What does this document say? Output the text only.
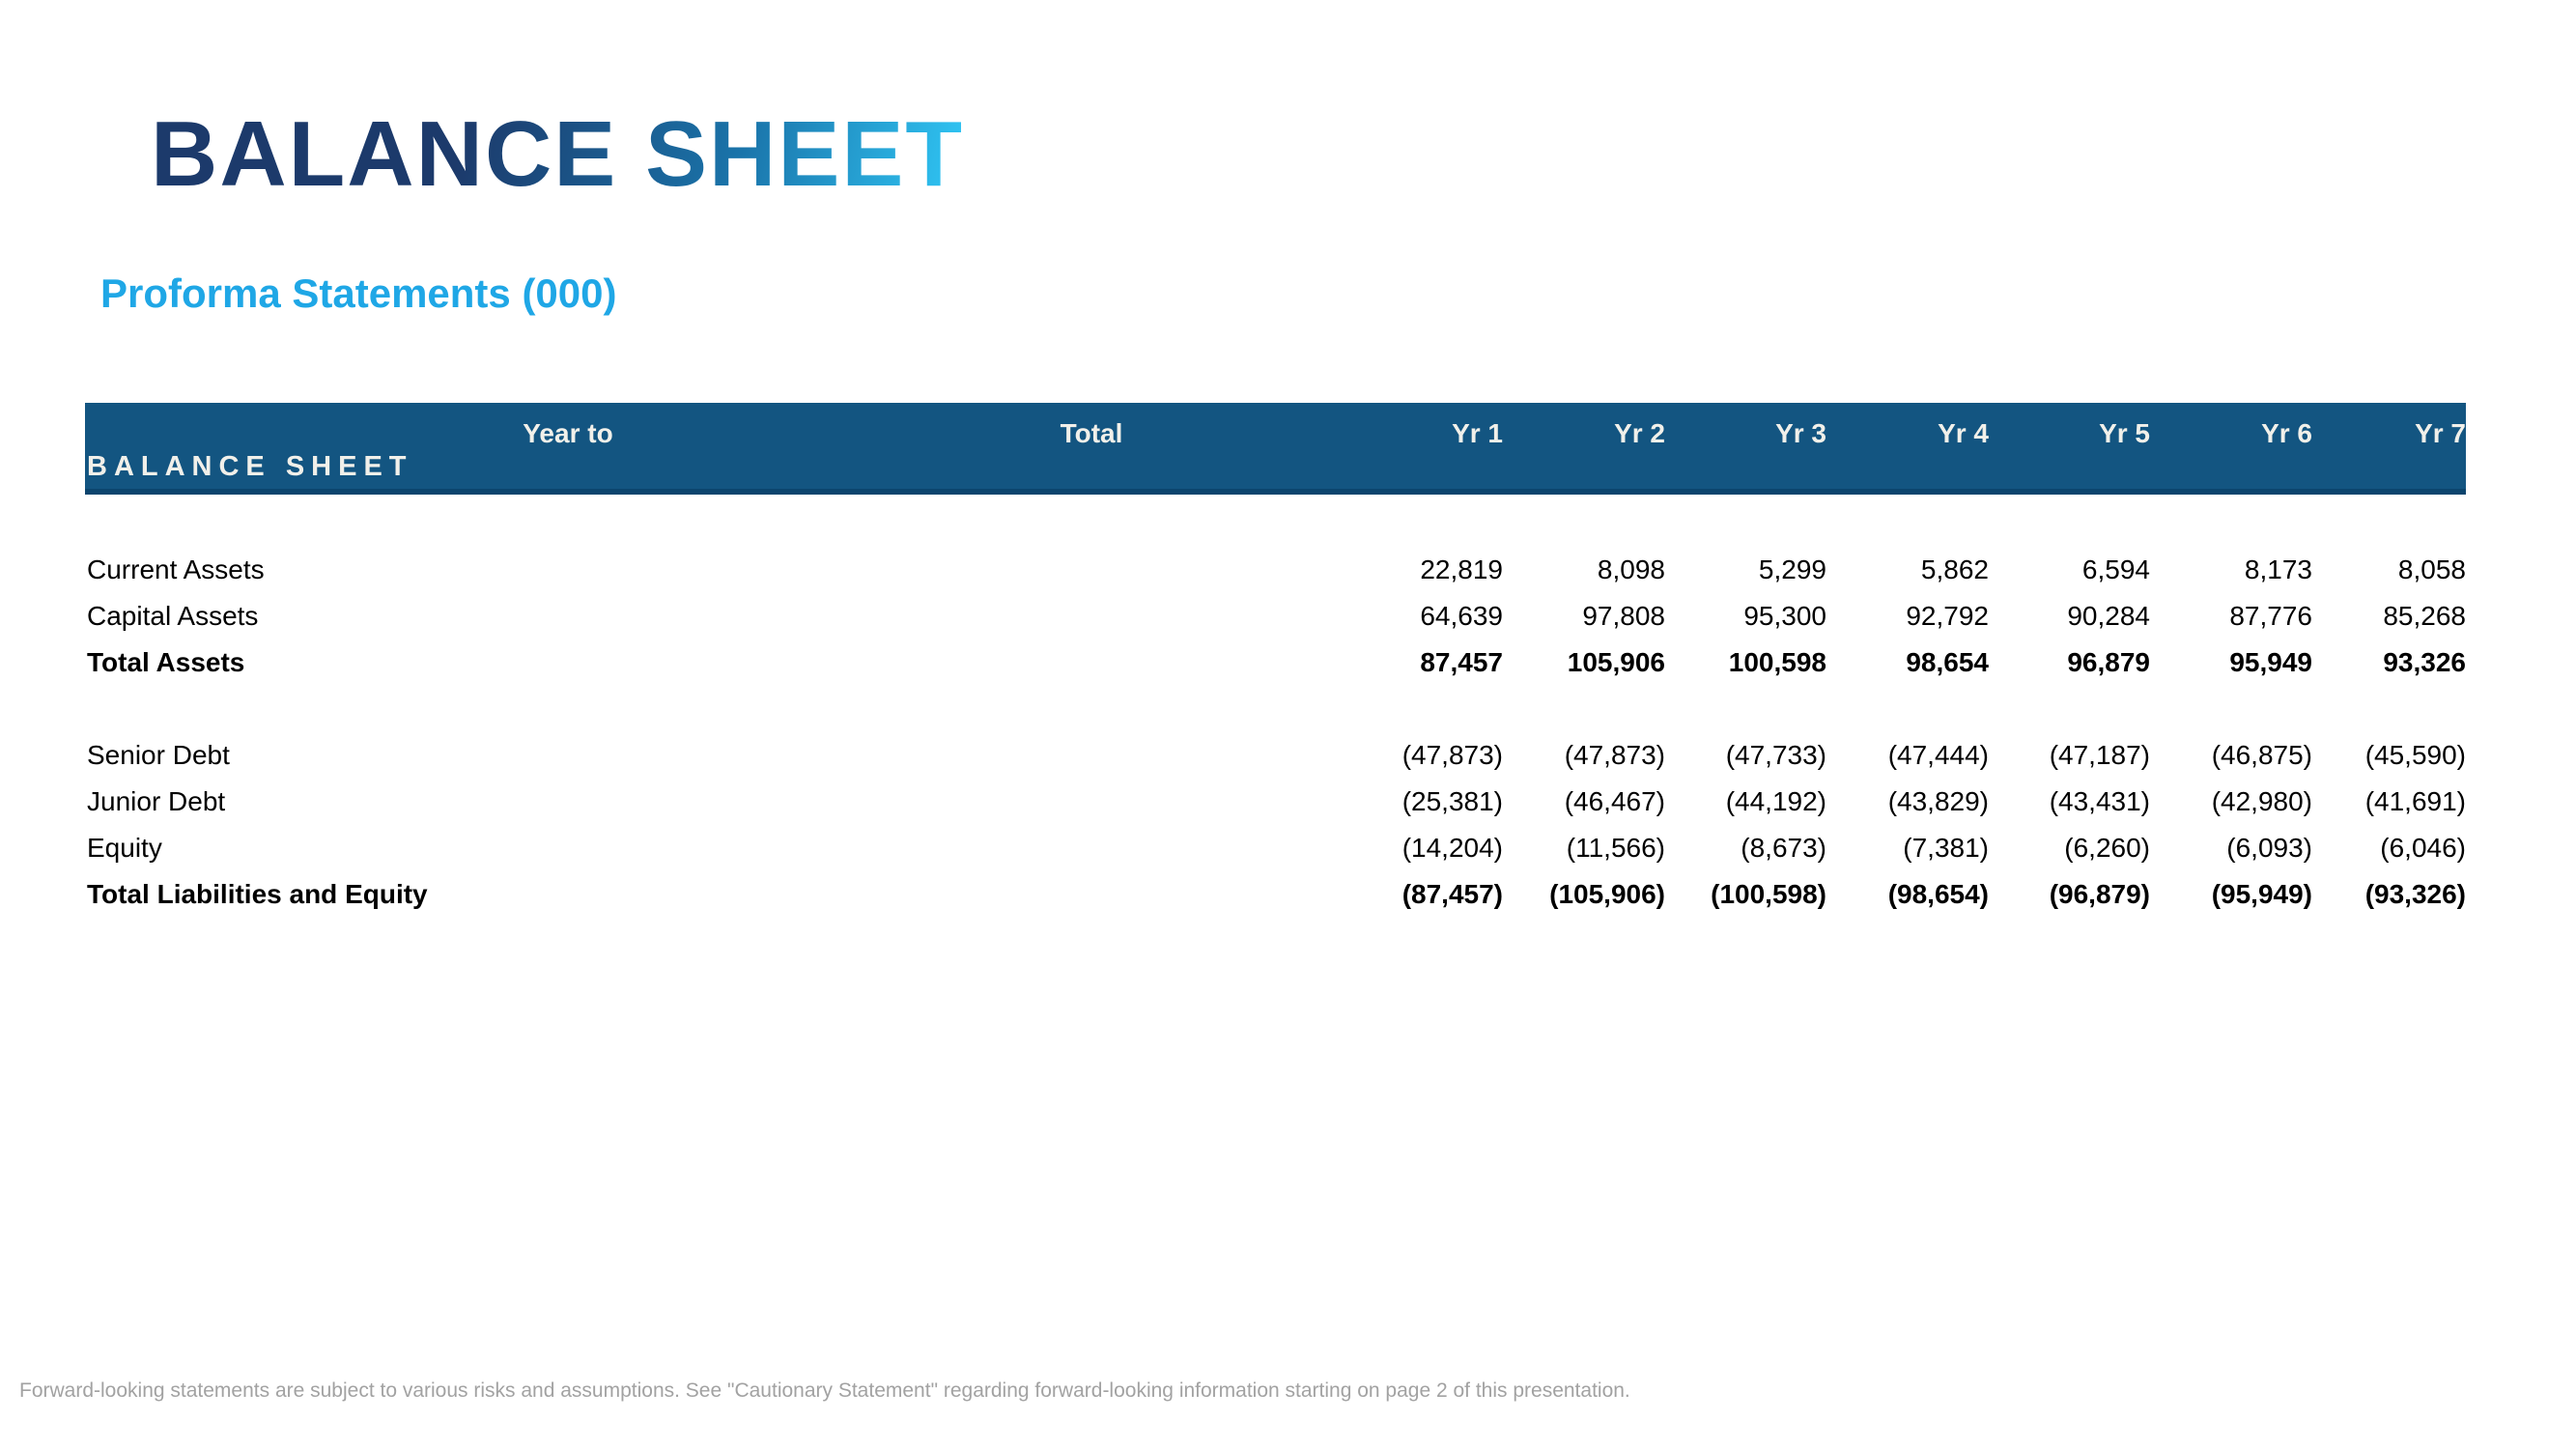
BALANCE SHEET
Proforma Statements (000)
Year to	Total	Yr 1	Yr 2	Yr 3	Yr 4	Yr 5	Yr 6	Yr 7
BALANCE SHEET
Current Assets	22,819	8,098	5,299	5,862	6,594	8,173	8,058
Capital Assets	64,639	97,808	95,300	92,792	90,284	87,776	85,268
Total Assets	87,457	105,906	100,598	98,654	96,879	95,949	93,326
Senior Debt	(47,873)	(47,873)	(47,733)	(47,444)	(47,187)	(46,875)	(45,590)
Junior Debt	(25,381)	(46,467)	(44,192)	(43,829)	(43,431)	(42,980)	(41,691)
Equity	(14,204)	(11,566)	(8,673)	(7,381)	(6,260)	(6,093)	(6,046)
Total Liabilities and Equity	(87,457)	(105,906)	(100,598)	(98,654)	(96,879)	(95,949)	(93,326)
Forward-looking statements are subject to various risks and assumptions. See "Cautionary Statement" regarding forward-looking information starting on page 2 of this presentation.
